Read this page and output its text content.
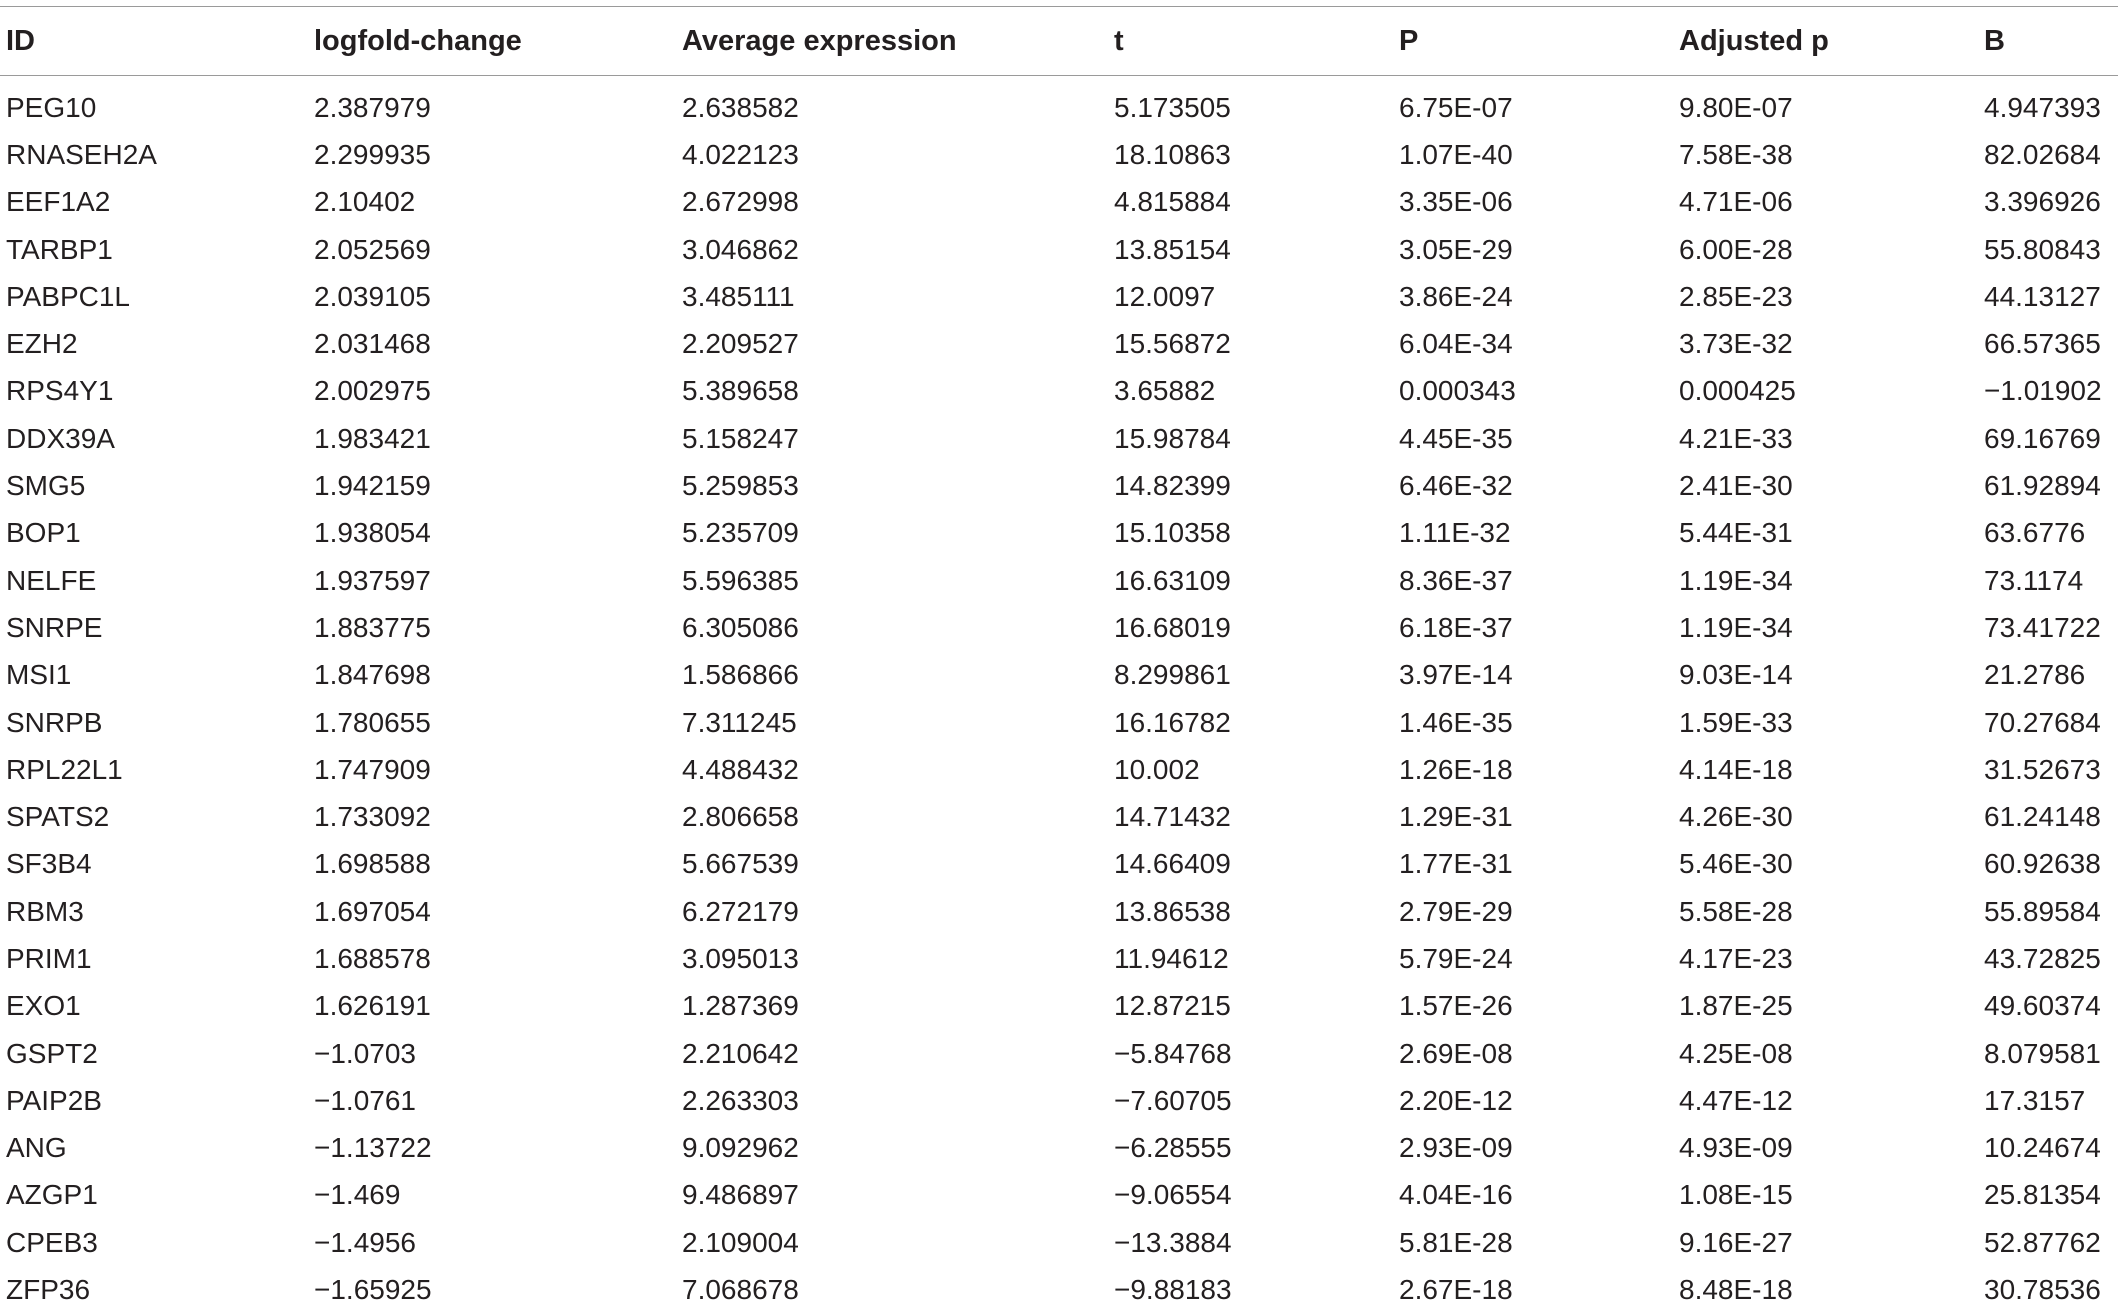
ID	logfold-change	Average expression	t	P	Adjusted p	B
PEG10	2.387979	2.638582	5.173505	6.75E-07	9.80E-07	4.947393
RNASEH2A	2.299935	4.022123	18.10863	1.07E-40	7.58E-38	82.02684
EEF1A2	2.10402	2.672998	4.815884	3.35E-06	4.71E-06	3.396926
TARBP1	2.052569	3.046862	13.85154	3.05E-29	6.00E-28	55.80843
PABPC1L	2.039105	3.485111	12.0097	3.86E-24	2.85E-23	44.13127
EZH2	2.031468	2.209527	15.56872	6.04E-34	3.73E-32	66.57365
RPS4Y1	2.002975	5.389658	3.65882	0.000343	0.000425	−1.01902
DDX39A	1.983421	5.158247	15.98784	4.45E-35	4.21E-33	69.16769
SMG5	1.942159	5.259853	14.82399	6.46E-32	2.41E-30	61.92894
BOP1	1.938054	5.235709	15.10358	1.11E-32	5.44E-31	63.6776
NELFE	1.937597	5.596385	16.63109	8.36E-37	1.19E-34	73.1174
SNRPE	1.883775	6.305086	16.68019	6.18E-37	1.19E-34	73.41722
MSI1	1.847698	1.586866	8.299861	3.97E-14	9.03E-14	21.2786
SNRPB	1.780655	7.311245	16.16782	1.46E-35	1.59E-33	70.27684
RPL22L1	1.747909	4.488432	10.002	1.26E-18	4.14E-18	31.52673
SPATS2	1.733092	2.806658	14.71432	1.29E-31	4.26E-30	61.24148
SF3B4	1.698588	5.667539	14.66409	1.77E-31	5.46E-30	60.92638
RBM3	1.697054	6.272179	13.86538	2.79E-29	5.58E-28	55.89584
PRIM1	1.688578	3.095013	11.94612	5.79E-24	4.17E-23	43.72825
EXO1	1.626191	1.287369	12.87215	1.57E-26	1.87E-25	49.60374
GSPT2	−1.0703	2.210642	−5.84768	2.69E-08	4.25E-08	8.079581
PAIP2B	−1.0761	2.263303	−7.60705	2.20E-12	4.47E-12	17.3157
ANG	−1.13722	9.092962	−6.28555	2.93E-09	4.93E-09	10.24674
AZGP1	−1.469	9.486897	−9.06554	4.04E-16	1.08E-15	25.81354
CPEB3	−1.4956	2.109004	−13.3884	5.81E-28	9.16E-27	52.87762
ZFP36	−1.65925	7.068678	−9.88183	2.67E-18	8.48E-18	30.78536
